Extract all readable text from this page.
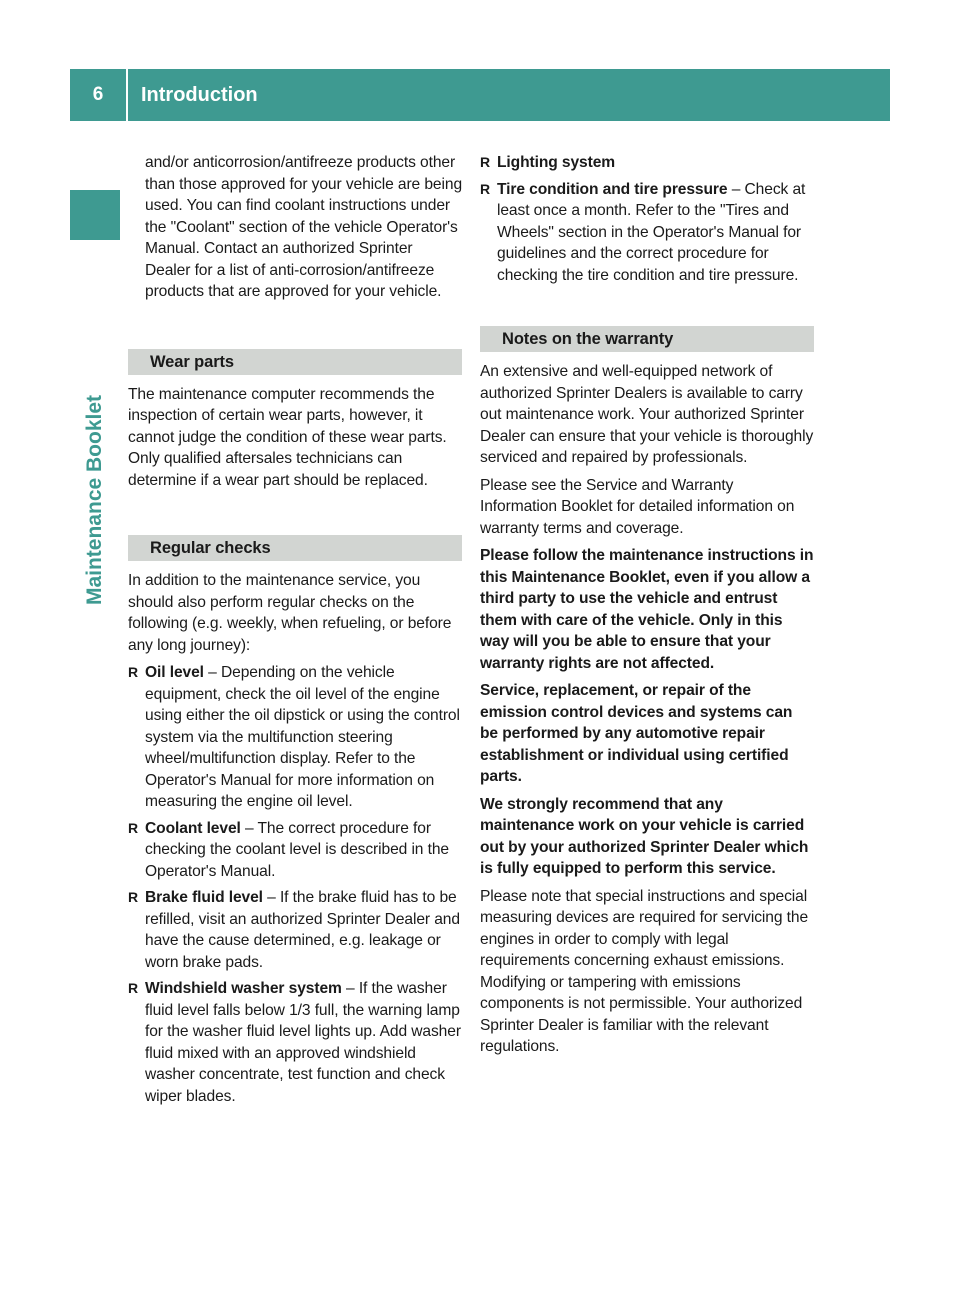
6	Introduction
Maintenance Booklet

and/or anticorrosion/antifreeze products other than those approved for your vehicle are being used. You can find coolant instructions under the "Coolant" section of the vehicle Operator's Manual. Contact an authorized Sprinter Dealer for a list of anti-corrosion/antifreeze products that are approved for your vehicle.

Wear parts

The maintenance computer recommends the inspection of certain wear parts, however, it cannot judge the condition of these wear parts. Only qualified aftersales technicians can determine if a wear part should be replaced.

Regular checks

In addition to the maintenance service, you should also perform regular checks on the following (e.g. weekly, when refueling, or before any long journey):

R Oil level – Depending on the vehicle equipment, check the oil level of the engine using either the oil dipstick or using the control system via the multifunction steering wheel/multifunction display. Refer to the Operator's Manual for more information on measuring the engine oil level.
R Coolant level – The correct procedure for checking the coolant level is described in the Operator's Manual.
R Brake fluid level – If the brake fluid has to be refilled, visit an authorized Sprinter Dealer and have the cause determined, e.g. leakage or worn brake pads.
R Windshield washer system – If the washer fluid level falls below 1/3 full, the warning lamp for the washer fluid level lights up. Add washer fluid mixed with an approved windshield washer concentrate, test function and check wiper blades.
R Lighting system
R Tire condition and tire pressure – Check at least once a month. Refer to the "Tires and Wheels" section in the Operator's Manual for guidelines and the correct procedure for checking the tire condition and tire pressure.
Notes on the warranty

An extensive and well-equipped network of authorized Sprinter Dealers is available to carry out maintenance work. Your authorized Sprinter Dealer can ensure that your vehicle is thoroughly serviced and repaired by professionals.

Please see the Service and Warranty Information Booklet for detailed information on warranty terms and coverage.

Please follow the maintenance instructions in this Maintenance Booklet, even if you allow a third party to use the vehicle and entrust them with care of the vehicle. Only in this way will you be able to ensure that your warranty rights are not affected.

Service, replacement, or repair of the emission control devices and systems can be performed by any automotive repair establishment or individual using certified parts.

We strongly recommend that any maintenance work on your vehicle is carried out by your authorized Sprinter Dealer which is fully equipped to perform this service.

Please note that special instructions and special measuring devices are required for servicing the engines in order to comply with legal requirements concerning exhaust emissions. Modifying or tampering with emissions components is not permissible. Your authorized Sprinter Dealer is familiar with the relevant regulations.
